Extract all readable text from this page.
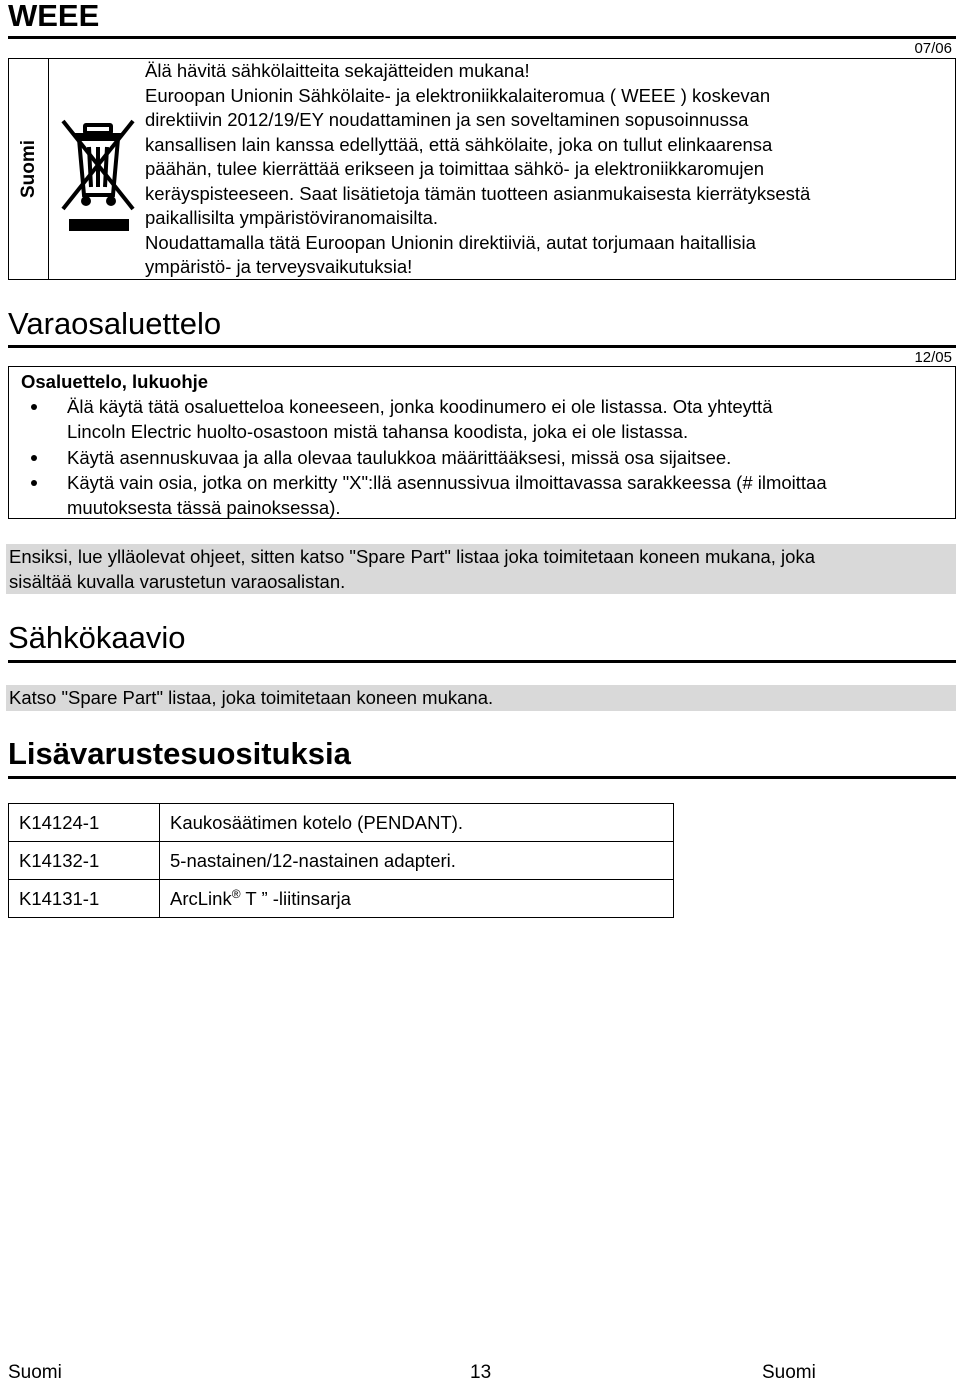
WEEE
07/06
Suomi
Älä hävitä sähkölaitteita sekajätteiden mukana!
Euroopan Unionin Sähkölaite- ja elektroniikkalaiteromua ( WEEE ) koskevan
direktiivin 2012/19/EY noudattaminen ja sen soveltaminen sopusoinnussa
kansallisen lain kanssa edellyttää, että sähkölaite, joka on tullut elinkaarensa
päähän, tulee kierrättää erikseen ja toimittaa sähkö- ja elektroniikkaromujen
keräyspisteeseen. Saat lisätietoja tämän tuotteen asianmukaisesta kierrätyksestä
paikallisilta ympäristöviranomaisilta.
Noudattamalla tätä Euroopan Unionin direktiiviä, autat torjumaan haitallisia
ympäristö- ja terveysvaikutuksia!
Varaosaluettelo
12/05
Osaluettelo, lukuohje
Älä käytä tätä osaluetteloa koneeseen, jonka koodinumero ei ole listassa. Ota yhteyttä
Lincoln Electric huolto-osastoon mistä tahansa koodista, joka ei ole listassa.
Käytä asennuskuvaa ja alla olevaa taulukkoa määrittääksesi, missä osa sijaitsee.
Käytä vain osia, jotka on merkitty "X":llä asennussivua ilmoittavassa sarakkeessa (# ilmoittaa
muutoksesta tässä painoksessa).
Ensiksi, lue ylläolevat ohjeet, sitten katso "Spare Part" listaa joka toimitetaan koneen mukana, joka
sisältää kuvalla varustetun varaosalistan.
Sähkökaavio
Katso "Spare Part" listaa, joka toimitetaan koneen mukana.
Lisävarustesuosituksia
K14124-1	Kaukosäätimen kotelo (PENDANT).
K14132-1	5-nastainen/12-nastainen adapteri.
K14131-1	ArcLink® T ” -liitinsarja
Suomi	13	Suomi
